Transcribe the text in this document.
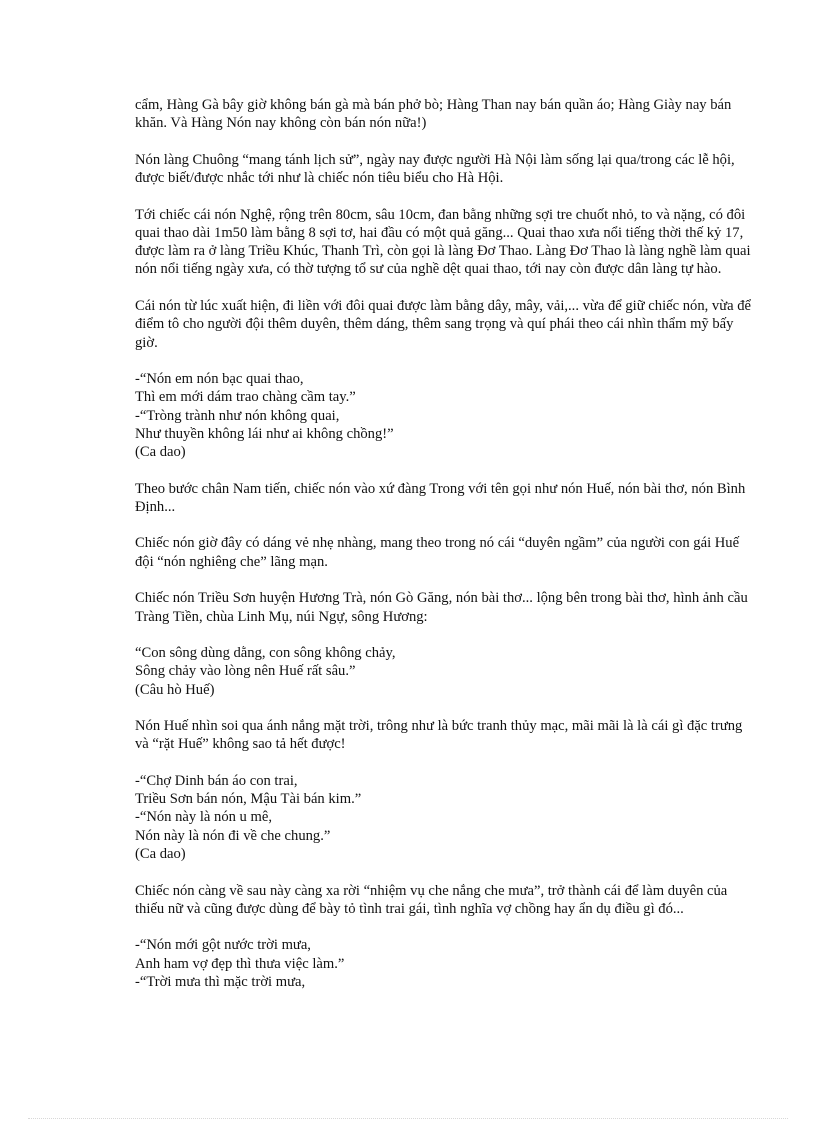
cẩm, Hàng Gà bây giờ không bán gà mà bán phở bò; Hàng Than nay bán quần áo; Hàng Giày nay bán khăn. Và Hàng Nón nay không còn bán nón nữa!)

Nón làng Chuông “mang tánh lịch sử”, ngày nay được người Hà Nội làm sống lại qua/trong các lễ hội, được biết/được nhắc tới như là chiếc nón tiêu biểu cho Hà Hội.

Tới chiếc cái nón Nghệ, rộng trên 80cm, sâu 10cm, đan bằng những sợi tre chuốt nhỏ, to và nặng, có đôi quai thao dài 1m50 làm bằng 8 sợi tơ, hai đầu có một quả găng... Quai thao xưa nổi tiếng thời thế kỷ 17, được làm ra ở làng Triều Khúc, Thanh Trì, còn gọi là làng Đơ Thao. Làng Đơ Thao là làng nghề làm quai nón nổi tiếng ngày xưa, có thờ tượng tổ sư của nghề dệt quai thao, tới nay còn được dân làng tự hào.

Cái nón từ lúc xuất hiện, đi liền với đôi quai được làm bằng dây, mây, vải,... vừa để giữ chiếc nón, vừa để điểm tô cho người đội thêm duyên, thêm dáng, thêm sang trọng và quí phái theo cái nhìn thẩm mỹ bấy giờ.

-“Nón em nón bạc quai thao,
Thì em mới dám trao chàng cầm tay.”
-“Tròng trành như nón không quai,
Như thuyền không lái như ai không chồng!”
(Ca dao)

Theo bước chân Nam tiến, chiếc nón vào xứ đàng Trong với tên gọi như nón Huế, nón bài thơ, nón Bình Định...

Chiếc nón giờ đây có dáng vẻ nhẹ nhàng, mang theo trong nó cái “duyên ngầm” của người con gái Huế đội “nón nghiêng che” lãng mạn.

Chiếc nón Triều Sơn huyện Hương Trà, nón Gò Găng, nón bài thơ... lộng bên trong bài thơ, hình ảnh cầu Tràng Tiền, chùa Linh Mụ, núi Ngự, sông Hương:

“Con sông dùng dằng, con sông không chảy,
Sông chảy vào lòng nên Huế rất sâu.”
(Câu hò Huế)

Nón Huế nhìn soi qua ánh nắng mặt trời, trông như là bức tranh thủy mạc, mãi mãi là là cái gì đặc trưng và “rặt Huế” không sao tả hết được!

-“Chợ Dinh bán áo con trai,
Triều Sơn bán nón, Mậu Tài bán kim.”
-“Nón này là nón u mê,
Nón này là nón đi về che chung.”
(Ca dao)

Chiếc nón càng về sau này càng xa rời “nhiệm vụ che nắng che mưa”, trở thành cái để làm duyên của thiếu nữ và cũng được dùng để bày tỏ tình trai gái, tình nghĩa vợ chồng hay ẩn dụ điều gì đó...

-“Nón mới gột nước trời mưa,
Anh ham vợ đẹp thì thưa việc làm.”
-“Trời mưa thì mặc trời mưa,
